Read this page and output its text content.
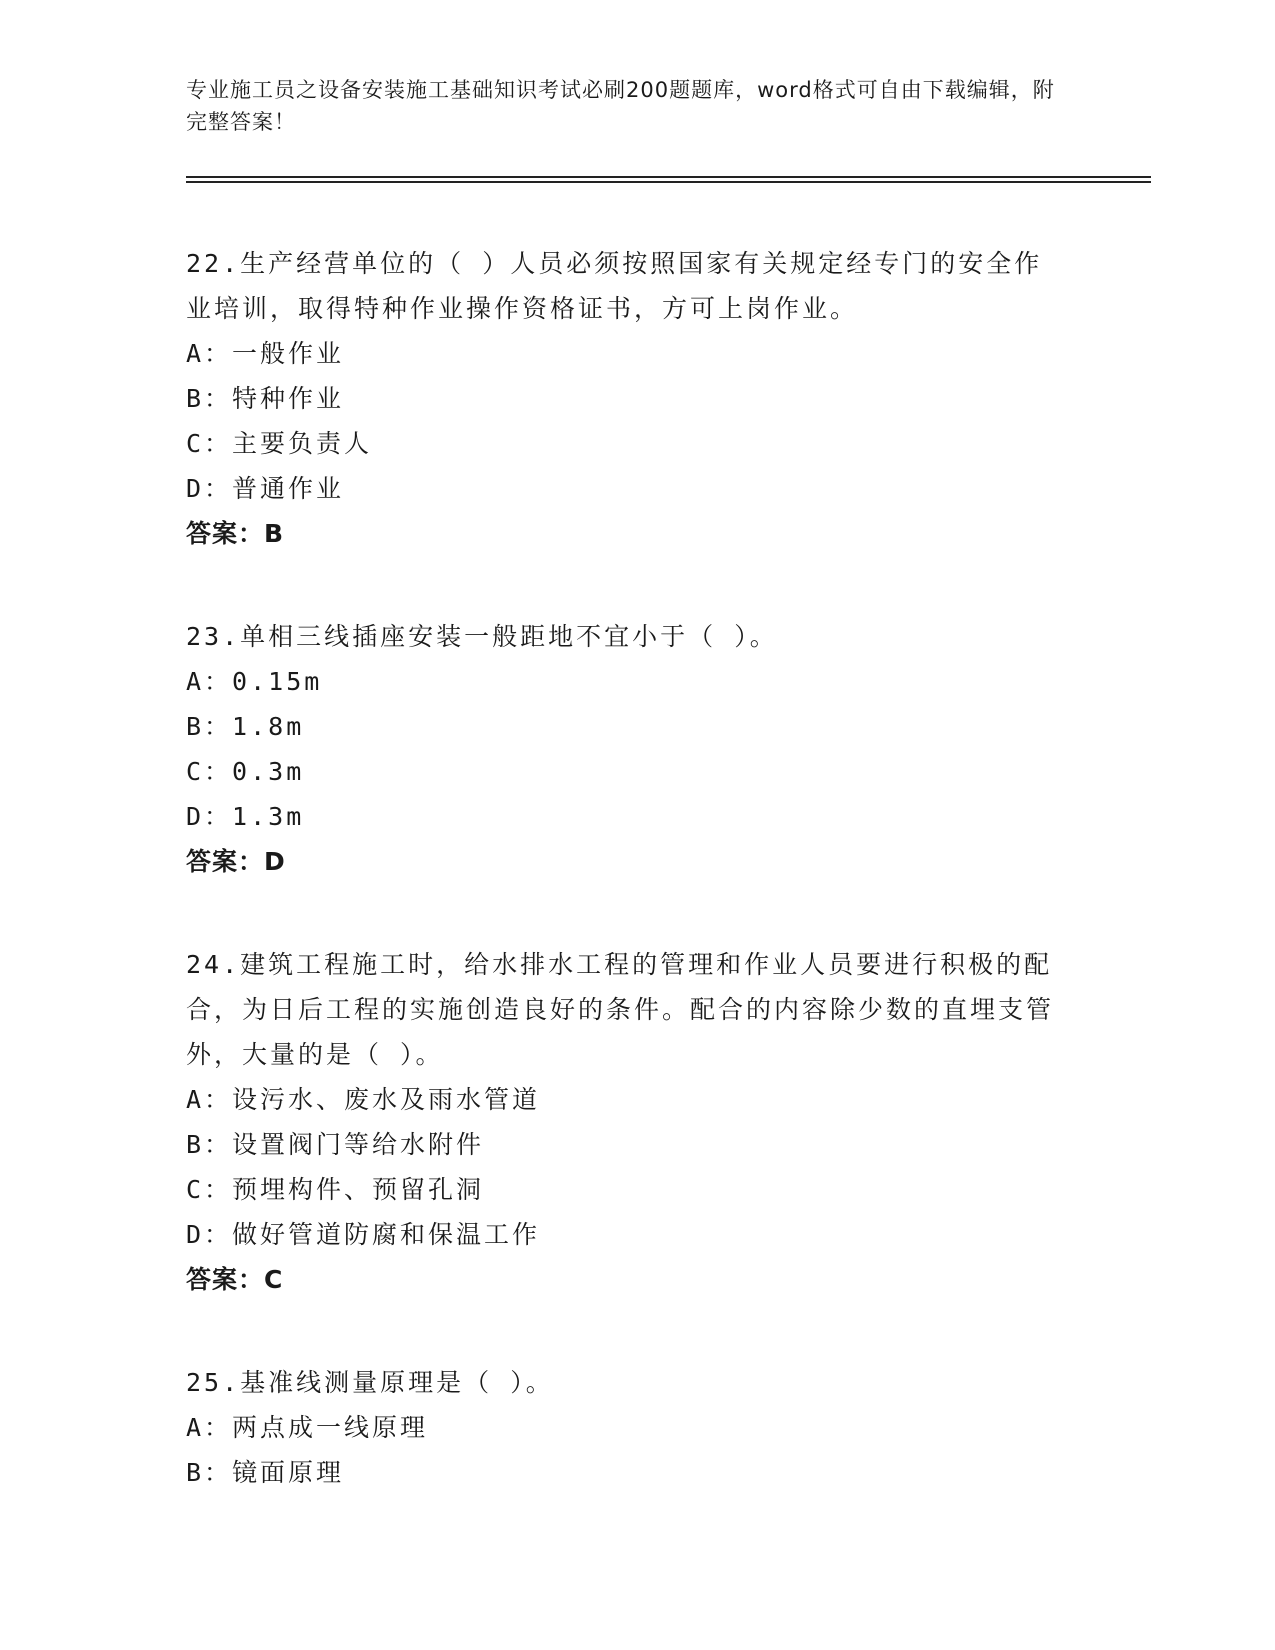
专业施工员之设备安装施工基础知识考试必刷200题题库，word格式可自由下载编辑，附完整答案！

22.生产经营单位的（ ）人员必须按照国家有关规定经专门的安全作业培训，取得特种作业操作资格证书，方可上岗作业。

A：一般作业

B：特种作业

C：主要负责人

D：普通作业

答案：B

23.单相三线插座安装一般距地不宜小于（ ）。

A：0.15m

B：1.8m

C：0.3m

D：1.3m

答案：D

24.建筑工程施工时，给水排水工程的管理和作业人员要进行积极的配合，为日后工程的实施创造良好的条件。配合的内容除少数的直埋支管外，大量的是（ ）。

A：设污水、废水及雨水管道

B：设置阀门等给水附件

C：预埋构件、预留孔洞

D：做好管道防腐和保温工作

答案：C

25.基准线测量原理是（ ）。

A：两点成一线原理

B：镜面原理
